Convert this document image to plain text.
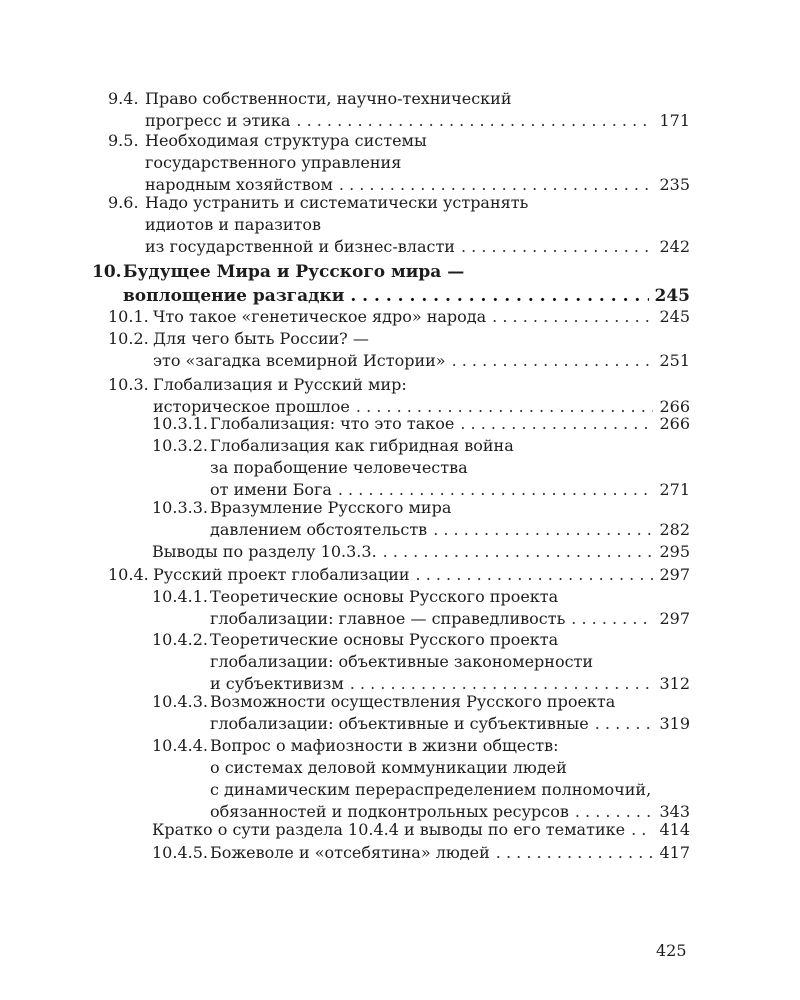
9.4. Право собственности, научно-технический
прогресс и этика . . .	171
9.5. Необходимая структура системы
государственного управления
народным хозяйством . . .	235
9.6. Надо устранить и систематически устранять
идиотов и паразитов
из государственной и бизнес-власти . . .	242
10. Будущее Мира и Русского мира —
воплощение разгадки . . .	245
10.1. Что такое «генетическое ядро» народа . . .	245
10.2. Для чего быть России? —
это «загадка всемирной Истории» . . .	251
10.3. Глобализация и Русский мир:
историческое прошлое . . .	266
10.3.1. Глобализация: что это такое . . .	266
10.3.2. Глобализация как гибридная война
за порабощение человечества
от имени Бога . . .	271
10.3.3. Вразумление Русского мира
давлением обстоятельств . . .	282
Выводы по разделу 10.3.3. . . .	295
10.4. Русский проект глобализации . . .	297
10.4.1. Теоретические основы Русского проекта
глобализации: главное — справедливость . . .	297
10.4.2. Теоретические основы Русского проекта
глобализации: объективные закономерности
и субъективизм . . .	312
10.4.3. Возможности осуществления Русского проекта
глобализации: объективные и субъективные . . .	319
10.4.4. Вопрос о мафиозности в жизни обществ:
о системах деловой коммуникации людей
с динамическим перераспределением полномочий,
обязанностей и подконтрольных ресурсов . . .	343
Кратко о сути раздела 10.4.4 и выводы по его тематике . . .	414
10.4.5. Божеволе и «отсебятина» людей . . .	417
425
